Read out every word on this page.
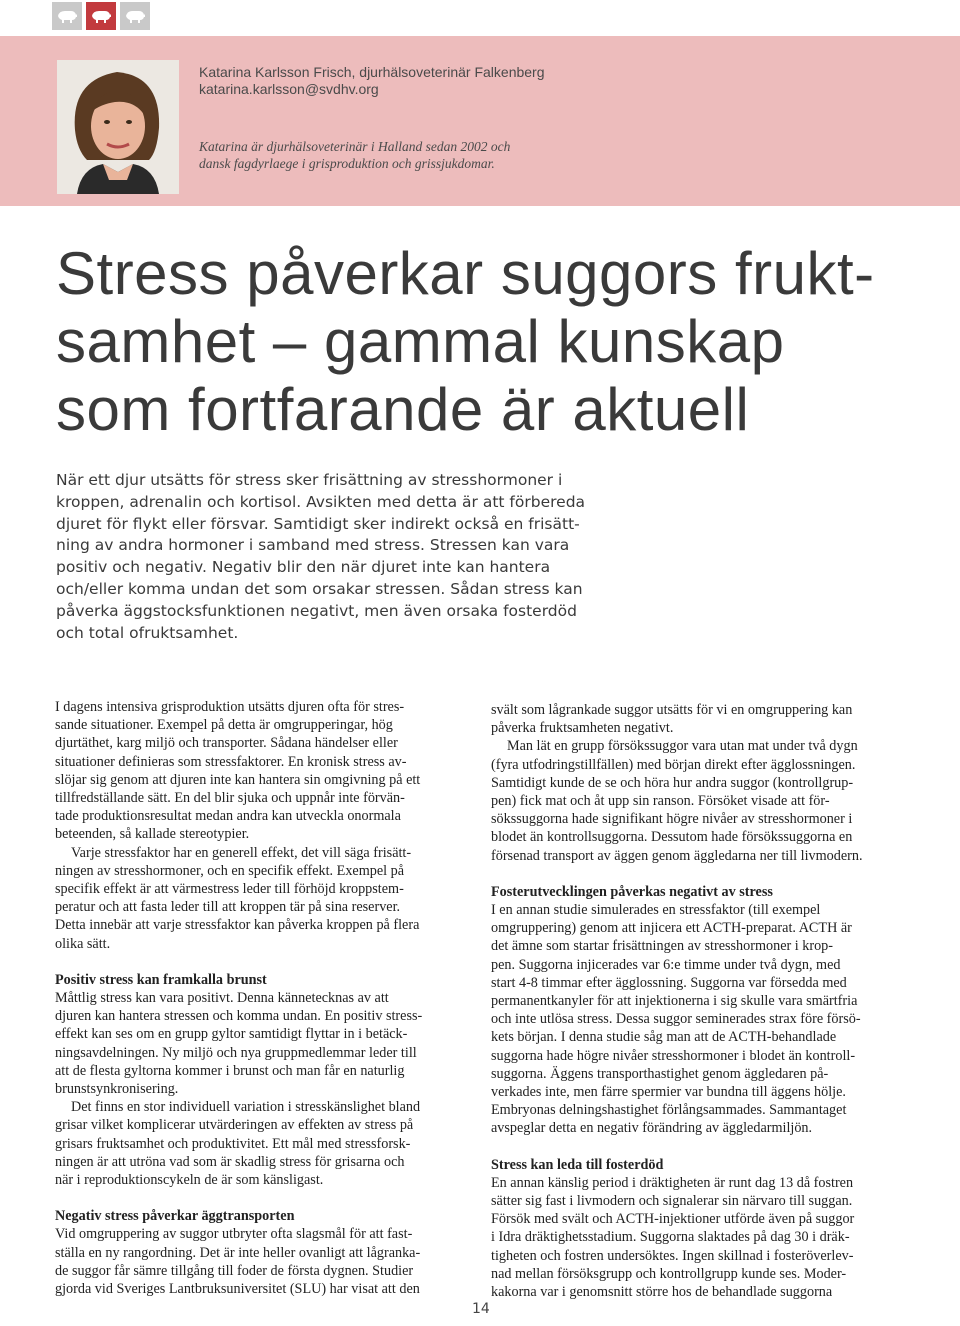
Katarina Karlsson Frisch, djurhälsoveterinär Falkenberg
katarina.karlsson@svdhv.org
Katarina är djurhälsoveterinär i Halland sedan 2002 och
dansk fagdyrlaege i grisproduktion och grissjukdomar.
Stress påverkar suggors frukt-
samhet – gammal kunskap
som fortfarande är aktuell
När ett djur utsätts för stress sker frisättning av stresshormoner i
kroppen, adrenalin och kortisol. Avsikten med detta är att förbereda
djuret för flykt eller försvar. Samtidigt sker indirekt också en frisätt-
ning av andra hormoner i samband med stress. Stressen kan vara
positiv och negativ. Negativ blir den när djuret inte kan hantera
och/eller komma undan det som orsakar stressen. Sådan stress kan
påverka äggstocksfunktionen negativt, men även orsaka fosterdöd
och total ofruktsamhet.
I dagens intensiva grisproduktion utsätts djuren ofta för stres-
sande situationer. Exempel på detta är omgrupperingar, hög
djurtäthet, karg miljö och transporter. Sådana händelser eller
situationer definieras som stressfaktorer. En kronisk stress av-
slöjar sig genom att djuren inte kan hantera sin omgivning på ett
tillfredställande sätt. En del blir sjuka och uppnår inte förvän-
tade produktionsresultat medan andra kan utveckla onormala
beteenden, så kallade stereotypier.
Varje stressfaktor har en generell effekt, det vill säga frisätt-
ningen av stresshormoner, och en specifik effekt. Exempel på
specifik effekt är att värmestress leder till förhöjd kroppstem-
peratur och att fasta leder till att kroppen tär på sina reserver.
Detta innebär att varje stressfaktor kan påverka kroppen på flera
olika sätt.
Positiv stress kan framkalla brunst
Måttlig stress kan vara positivt. Denna kännetecknas av att
djuren kan hantera stressen och komma undan. En positiv stress-
effekt kan ses om en grupp gyltor samtidigt flyttar in i betäck-
ningsavdelningen. Ny miljö och nya gruppmedlemmar leder till
att de flesta gyltorna kommer i brunst och man får en naturlig
brunstsynkronisering.
Det finns en stor individuell variation i stresskänslighet bland
grisar vilket komplicerar utvärderingen av effekten av stress på
grisars fruktsamhet och produktivitet. Ett mål med stressforsk-
ningen är att utröna vad som är skadlig stress för grisarna och
när i reproduktionscykeln de är som känsligast.
Negativ stress påverkar äggtransporten
Vid omgruppering av suggor utbryter ofta slagsmål för att fast-
ställa en ny rangordning. Det är inte heller ovanligt att lågranka-
de suggor får sämre tillgång till foder de första dygnen. Studier
gjorda vid Sveriges Lantbruksuniversitet (SLU) har visat att den
svält som lågrankade suggor utsätts för vi en omgruppering kan
påverka fruktsamheten negativt.
Man lät en grupp försökssuggor vara utan mat under två dygn
(fyra utfodringstillfällen) med början direkt efter ägglossningen.
Samtidigt kunde de se och höra hur andra suggor (kontrollgrup-
pen) fick mat och åt upp sin ranson. Försöket visade att för-
sökssuggorna hade signifikant högre nivåer av stresshormoner i
blodet än kontrollsuggorna. Dessutom hade försökssuggorna en
försenad transport av äggen genom äggledarna ner till livmodern.
Fosterutvecklingen påverkas negativt av stress
I en annan studie simulerades en stressfaktor (till exempel
omgruppering) genom att injicera ett ACTH-preparat. ACTH är
det ämne som startar frisättningen av stresshormoner i krop-
pen. Suggorna injicerades var 6:e timme under två dygn, med
start 4-8 timmar efter ägglossning. Suggorna var försedda med
permanentkanyler för att injektionerna i sig skulle vara smärtfria
och inte utlösa stress. Dessa suggor seminerades strax före försö-
kets början. I denna studie såg man att de ACTH-behandlade
suggorna hade högre nivåer stresshormoner i blodet än kontroll-
suggorna. Äggens transporthastighet genom äggledaren på-
verkades inte, men färre spermier var bundna till äggens hölje.
Embryonas delningshastighet förlångsammades. Sammantaget
avspeglar detta en negativ förändring av äggledarmiljön.
Stress kan leda till fosterdöd
En annan känslig period i dräktigheten är runt dag 13 då fostren
sätter sig fast i livmodern och signalerar sin närvaro till suggan.
Försök med svält och ACTH-injektioner utförde även på suggor
i Idra dräktighetsstadium. Suggorna slaktades på dag 30 i dräk-
tigheten och fostren undersöktes. Ingen skillnad i fosteröverlev-
nad mellan försöksgrupp och kontrollgrupp kunde ses. Moder-
kakorna var i genomsnitt större hos de behandlade suggorna
14
